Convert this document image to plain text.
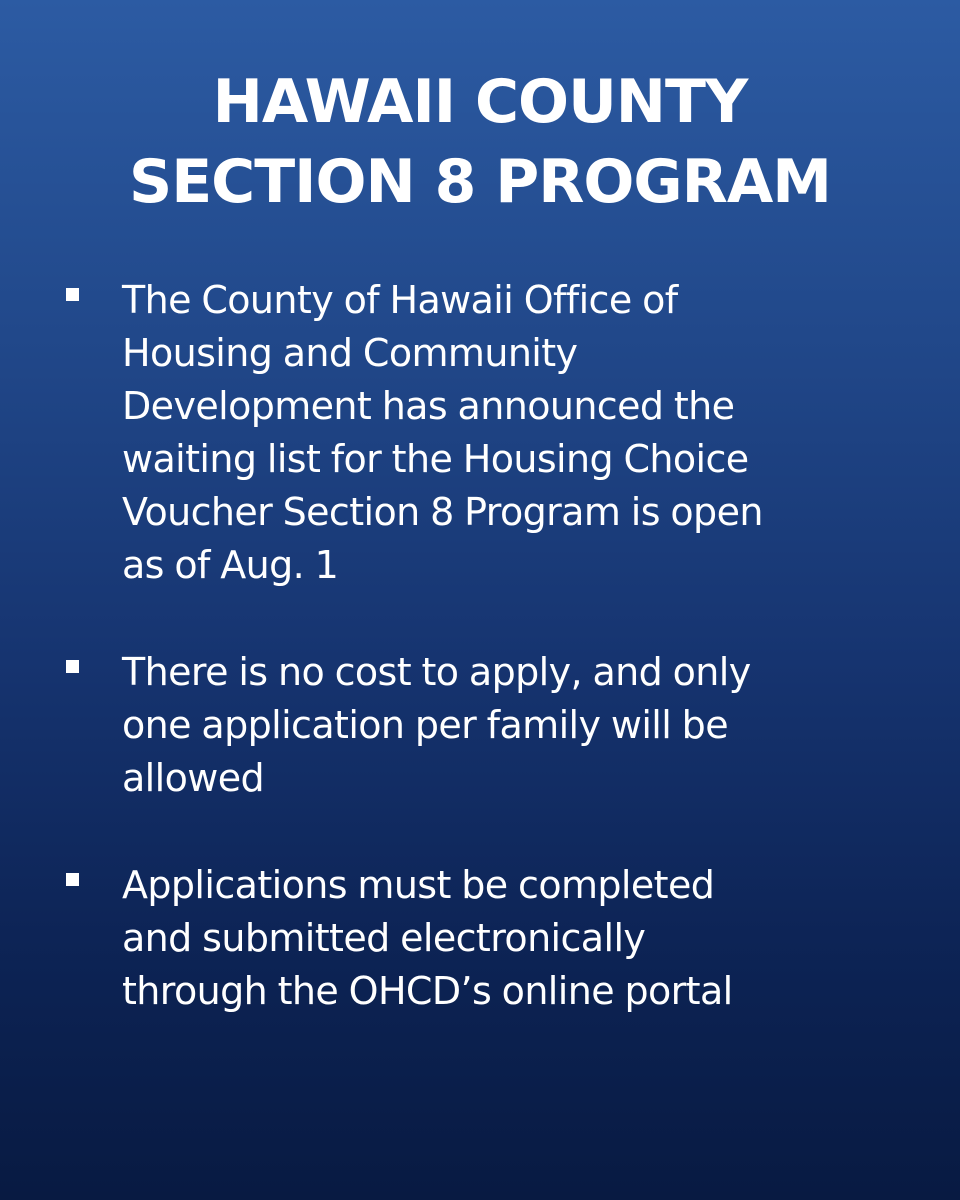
HAWAII COUNTY
SECTION 8 PROGRAM
The County of Hawaii Office of
Housing and Community
Development has announced the
waiting list for the Housing Choice
Voucher Section 8 Program is open
as of Aug. 1
There is no cost to apply, and only
one application per family will be
allowed
Applications must be completed
and submitted electronically
through the OHCD’s online portal
